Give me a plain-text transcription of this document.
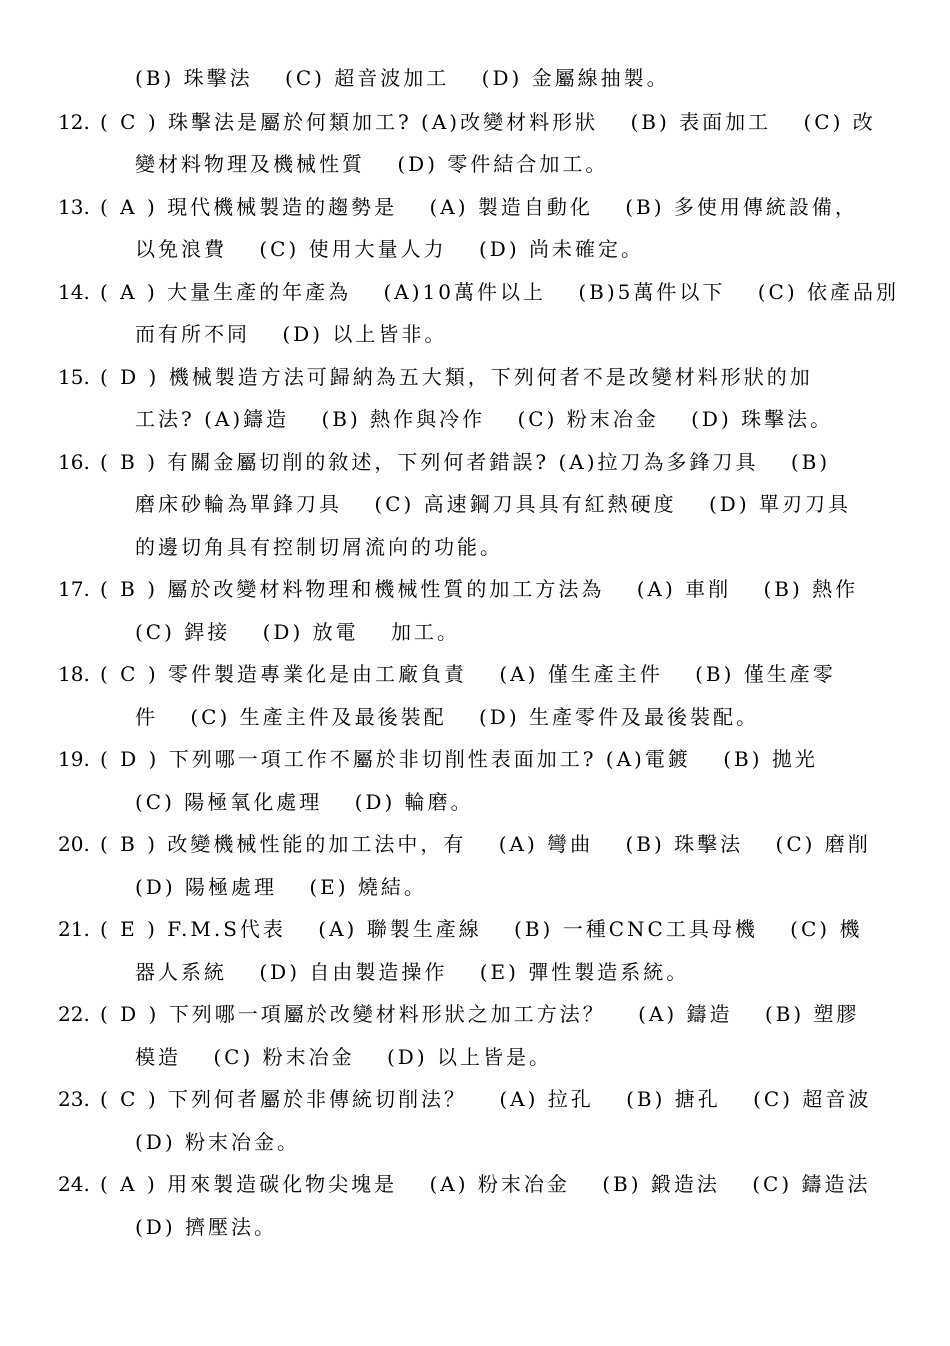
(B) 珠擊法　 (C) 超音波加工　 (D) 金屬線抽製。
12. ( C ) 珠擊法是屬於何類加工? (A)改變材料形狀　 (B) 表面加工　 (C) 改
變材料物理及機械性質　 (D) 零件結合加工。
13. ( A ) 現代機械製造的趨勢是　 (A) 製造自動化　 (B) 多使用傳統設備，
以免浪費　 (C) 使用大量人力　 (D) 尚未確定。
14. ( A ) 大量生產的年產為　 (A)10萬件以上　 (B)5萬件以下　 (C) 依產品別
而有所不同　 (D) 以上皆非。
15. ( D ) 機械製造方法可歸納為五大類，下列何者不是改變材料形狀的加
工法? (A)鑄造　 (B) 熱作與冷作　 (C) 粉末冶金　 (D) 珠擊法。
16. ( B ) 有關金屬切削的敘述，下列何者錯誤? (A)拉刀為多鋒刀具　 (B)
磨床砂輪為單鋒刀具　 (C) 高速鋼刀具具有紅熱硬度　 (D) 單刃刀具
的邊切角具有控制切屑流向的功能。
17. ( B ) 屬於改變材料物理和機械性質的加工方法為　 (A) 車削　 (B) 熱作
(C) 銲接　 (D) 放電　 加工。
18. ( C ) 零件製造專業化是由工廠負責　 (A) 僅生產主件　 (B) 僅生產零
件　 (C) 生產主件及最後裝配　 (D) 生產零件及最後裝配。
19. ( D ) 下列哪一項工作不屬於非切削性表面加工? (A)電鍍　 (B) 拋光
(C) 陽極氧化處理　 (D) 輪磨。
20. ( B ) 改變機械性能的加工法中，有　 (A) 彎曲　 (B) 珠擊法　 (C) 磨削
(D) 陽極處理　 (E) 燒結。
21. ( E ) F.M.S代表　 (A) 聯製生產線　 (B) 一種CNC工具母機　 (C) 機
器人系統　 (D) 自由製造操作　 (E) 彈性製造系統。
22. ( D ) 下列哪一項屬於改變材料形狀之加工方法？　 (A) 鑄造　 (B) 塑膠
模造　 (C) 粉末冶金　 (D) 以上皆是。
23. ( C ) 下列何者屬於非傳統切削法？　 (A) 拉孔　 (B) 搪孔　 (C) 超音波
(D) 粉末冶金。
24. ( A ) 用來製造碳化物尖塊是　 (A) 粉末冶金　 (B) 鍛造法　 (C) 鑄造法
(D) 擠壓法。
